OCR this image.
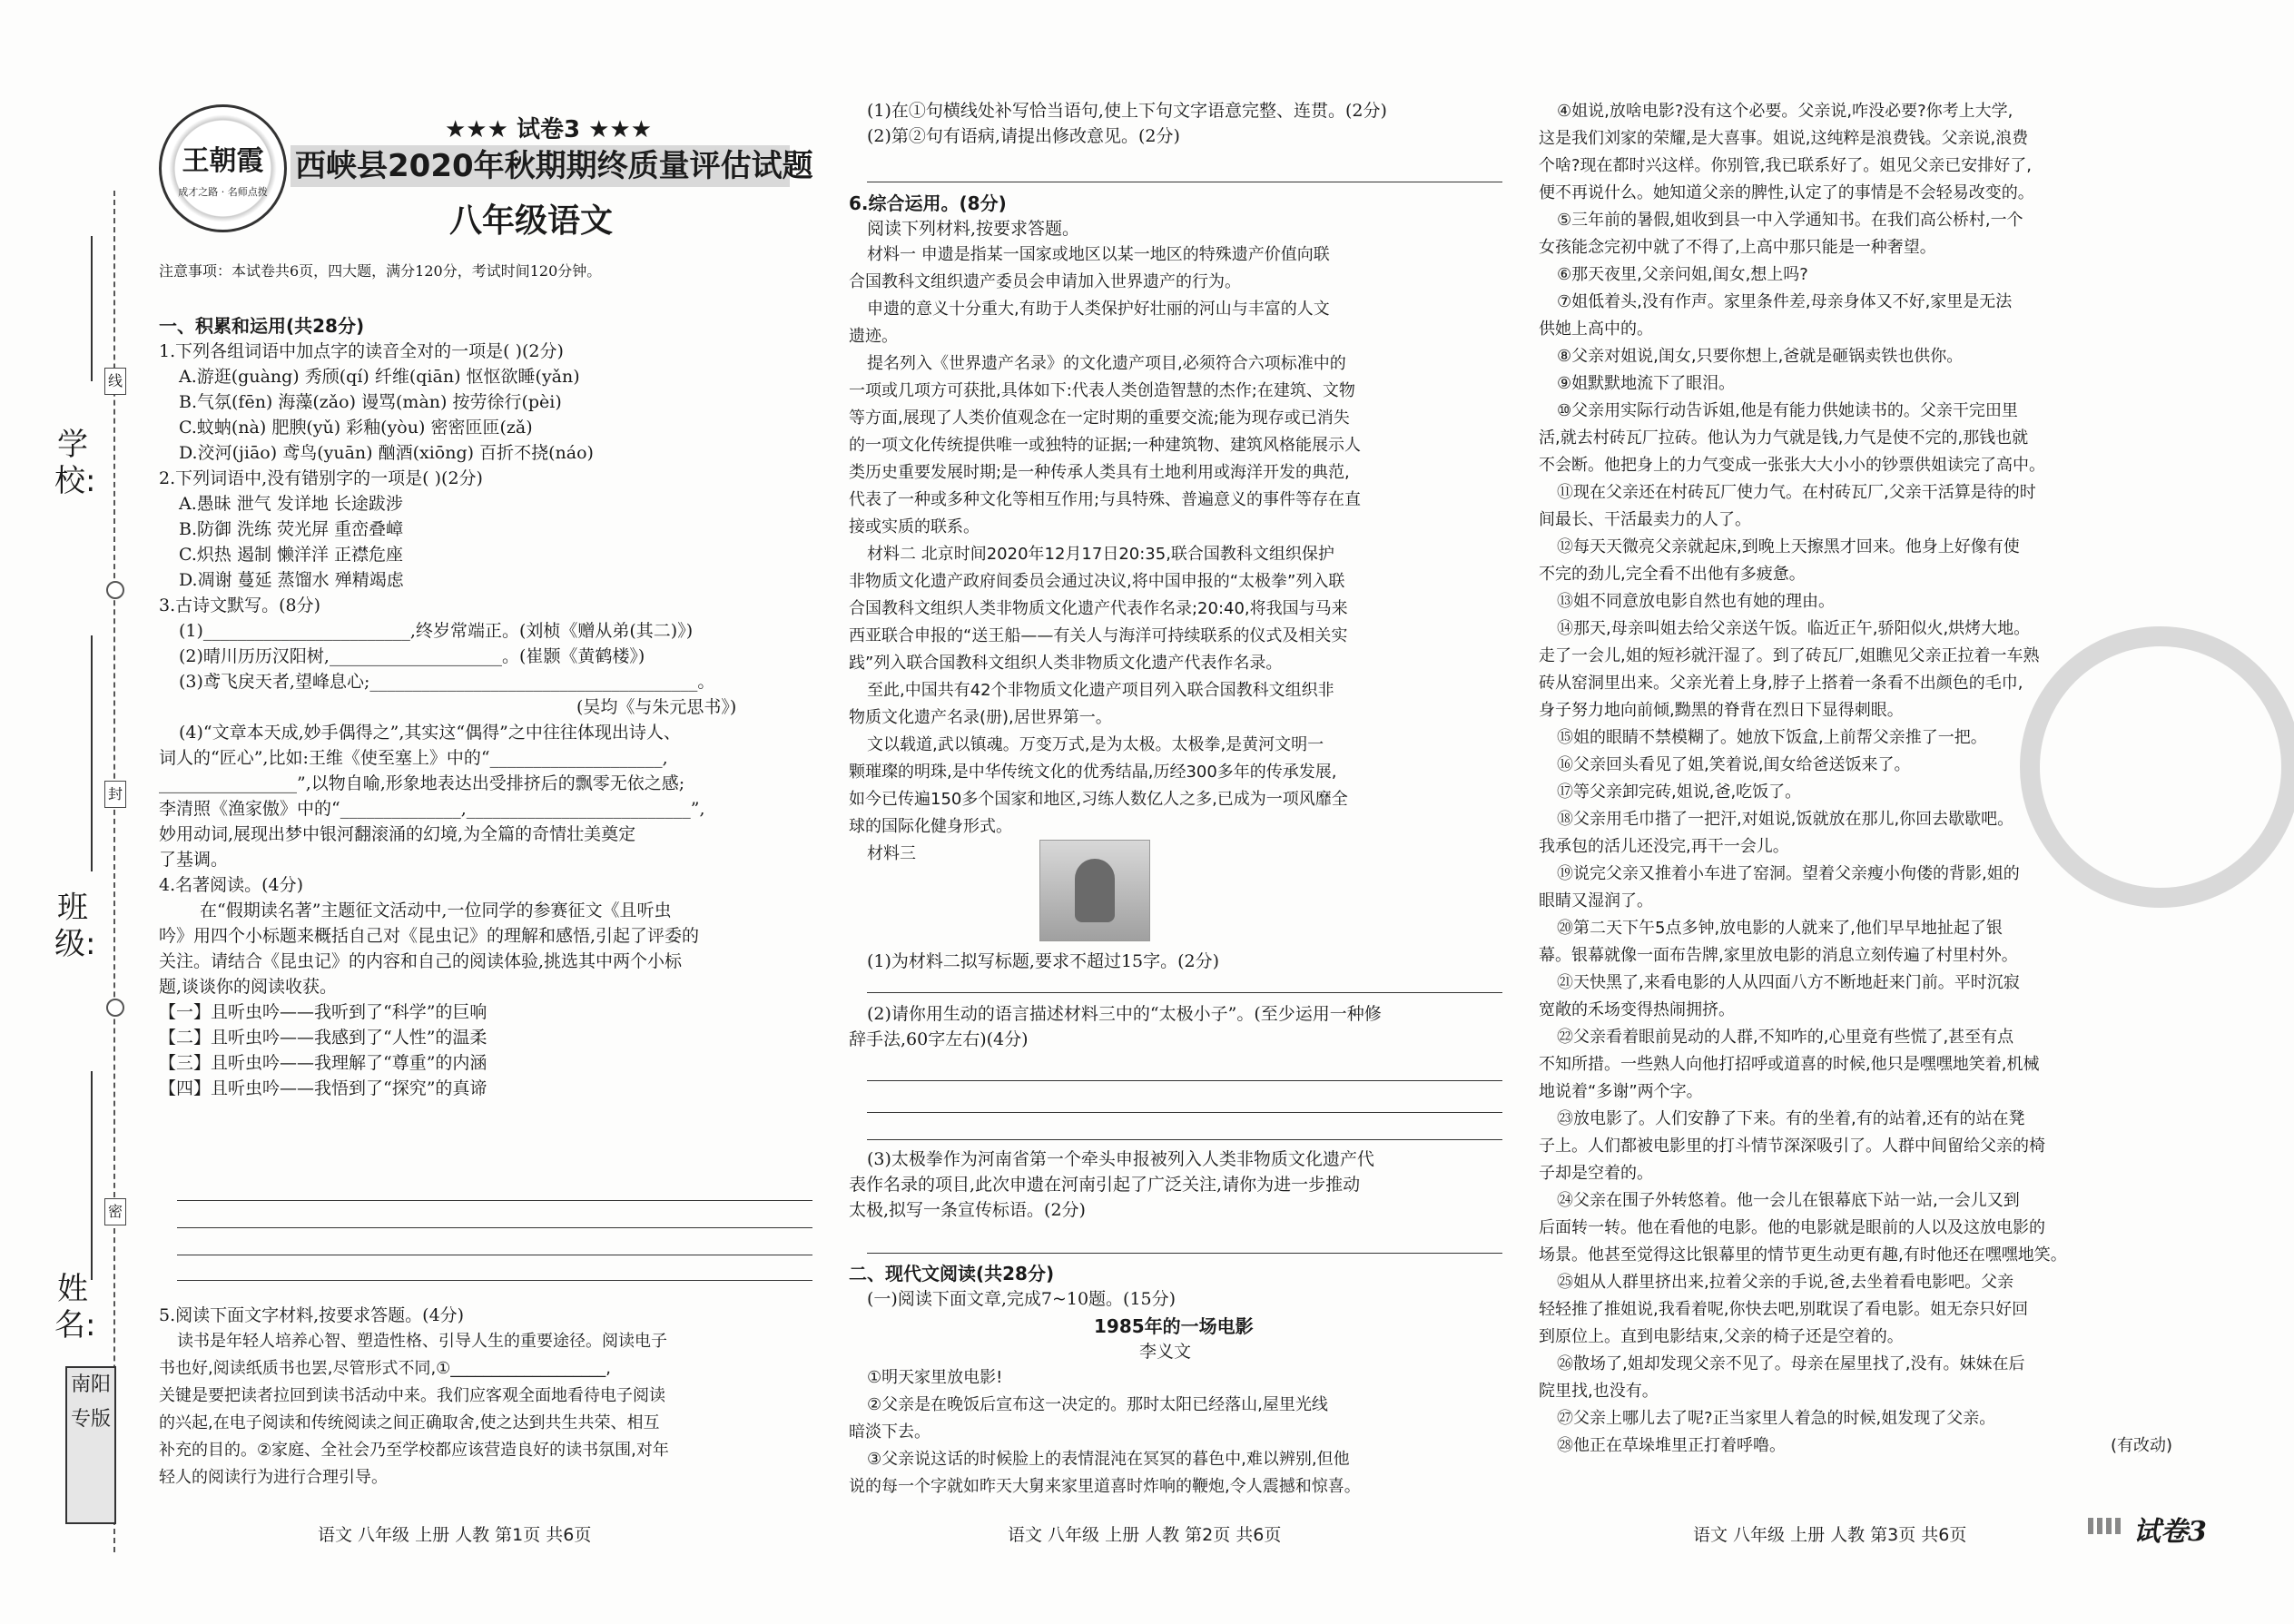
学校:
班级:
姓名:
线
封
密
南阳专版
王朝霞
成才之路 · 名师点拨
★★★ 试卷3 ★★★
西峡县2020年秋期期终质量评估试题
八年级语文
注意事项：本试卷共6页，四大题，满分120分，考试时间120分钟。
一、积累和运用(共28分)
1.下列各组词语中加点字的读音全对的一项是( )(2分)
A.游逛(guàng) 秀颀(qí) 纤维(qiān) 怄怄欲睡(yǎn)
B.气氛(fēn) 海藻(zǎo) 谩骂(màn) 按劳徐行(pèi)
C.蚊蚋(nà) 肥腴(yǔ) 彩釉(yòu) 密密匝匝(zǎ)
D.洨河(jiāo) 鸢鸟(yuān) 酗酒(xiōng) 百折不挠(náo)
2.下列词语中,没有错别字的一项是( )(2分)
A.愚昧 泄气 发详地 长途跋涉
B.防御 洗练 荧光屏 重峦叠嶂
C.炽热 遏制 懒洋洋 正襟危座
D.凋谢 蔓延 蒸馏水 殚精竭虑
3.古诗文默写。(8分)
(1)________________________,终岁常端正。(刘桢《赠从弟(其二)》)
(2)晴川历历汉阳树,____________________。(崔颢《黄鹤楼》)
(3)鸢飞戾天者,望峰息心;______________________________________。
(吴均《与朱元思书》)
(4)“文章本天成,妙手偶得之”,其实这“偶得”之中往往体现出诗人、
词人的“匠心”,比如:王维《使至塞上》中的“____________________,
________________”,以物自喻,形象地表达出受排挤后的飘零无依之感;
李清照《渔家傲》中的“______________,__________________________”,
妙用动词,展现出梦中银河翻滚涌的幻境,为全篇的奇情壮美奠定
了基调。
4.名著阅读。(4分)
在“假期读名著”主题征文活动中,一位同学的参赛征文《且听虫
吟》用四个小标题来概括自己对《昆虫记》的理解和感悟,引起了评委的
关注。请结合《昆虫记》的内容和自己的阅读体验,挑选其中两个小标
题,谈谈你的阅读收获。
【一】且听虫吟——我听到了“科学”的巨响
【二】且听虫吟——我感到了“人性”的温柔
【三】且听虫吟——我理解了“尊重”的内涵
【四】且听虫吟——我悟到了“探究”的真谛
5.阅读下面文字材料,按要求答题。(4分)
读书是年轻人培养心智、塑造性格、引导人生的重要途径。阅读电子
书也好,阅读纸质书也罢,尽管形式不同,①___________________,
关键是要把读者拉回到读书活动中来。我们应客观全面地看待电子阅读
的兴起,在电子阅读和传统阅读之间正确取舍,使之达到共生共荣、相互
补充的目的。②家庭、全社会乃至学校都应该营造良好的读书氛围,对年
轻人的阅读行为进行合理引导。
(1)在①句横线处补写恰当语句,使上下句文字语意完整、连贯。(2分)
(2)第②句有语病,请提出修改意见。(2分)
6.综合运用。(8分)
阅读下列材料,按要求答题。
材料一 申遗是指某一国家或地区以某一地区的特殊遗产价值向联
合国教科文组织遗产委员会申请加入世界遗产的行为。
申遗的意义十分重大,有助于人类保护好壮丽的河山与丰富的人文
遗迹。
提名列入《世界遗产名录》的文化遗产项目,必须符合六项标准中的
一项或几项方可获批,具体如下:代表人类创造智慧的杰作;在建筑、文物
等方面,展现了人类价值观念在一定时期的重要交流;能为现存或已消失
的一项文化传统提供唯一或独特的证据;一种建筑物、建筑风格能展示人
类历史重要发展时期;是一种传承人类具有土地利用或海洋开发的典范,
代表了一种或多种文化等相互作用;与具特殊、普遍意义的事件等存在直
接或实质的联系。
材料二 北京时间2020年12月17日20:35,联合国教科文组织保护
非物质文化遗产政府间委员会通过决议,将中国申报的“太极拳”列入联
合国教科文组织人类非物质文化遗产代表作名录;20:40,将我国与马来
西亚联合申报的“送王船——有关人与海洋可持续联系的仪式及相关实
践”列入联合国教科文组织人类非物质文化遗产代表作名录。
至此,中国共有42个非物质文化遗产项目列入联合国教科文组织非
物质文化遗产名录(册),居世界第一。
文以载道,武以镇魂。万变万式,是为太极。太极拳,是黄河文明一
颗璀璨的明珠,是中华传统文化的优秀结晶,历经300多年的传承发展,
如今已传遍150多个国家和地区,习练人数亿人之多,已成为一项风靡全
球的国际化健身形式。
材料三
(1)为材料二拟写标题,要求不超过15字。(2分)
(2)请你用生动的语言描述材料三中的“太极小子”。(至少运用一种修
辞手法,60字左右)(4分)
(3)太极拳作为河南省第一个牵头申报被列入人类非物质文化遗产代
表作名录的项目,此次申遗在河南引起了广泛关注,请你为进一步推动
太极,拟写一条宣传标语。(2分)
二、现代文阅读(共28分)
(一)阅读下面文章,完成7~10题。(15分)
1985年的一场电影
李义文
①明天家里放电影!
②父亲是在晚饭后宣布这一决定的。那时太阳已经落山,屋里光线
暗淡下去。
③父亲说这话的时候脸上的表情混沌在冥冥的暮色中,难以辨别,但他
说的每一个字就如昨天大舅来家里道喜时炸响的鞭炮,令人震撼和惊喜。
④姐说,放啥电影?没有这个必要。父亲说,咋没必要?你考上大学,
这是我们刘家的荣耀,是大喜事。姐说,这纯粹是浪费钱。父亲说,浪费
个啥?现在都时兴这样。你别管,我已联系好了。姐见父亲已安排好了,
便不再说什么。她知道父亲的脾性,认定了的事情是不会轻易改变的。
⑤三年前的暑假,姐收到县一中入学通知书。在我们高公桥村,一个
女孩能念完初中就了不得了,上高中那只能是一种奢望。
⑥那天夜里,父亲问姐,闺女,想上吗?
⑦姐低着头,没有作声。家里条件差,母亲身体又不好,家里是无法
供她上高中的。
⑧父亲对姐说,闺女,只要你想上,爸就是砸锅卖铁也供你。
⑨姐默默地流下了眼泪。
⑩父亲用实际行动告诉姐,他是有能力供她读书的。父亲干完田里
活,就去村砖瓦厂拉砖。他认为力气就是钱,力气是使不完的,那钱也就
不会断。他把身上的力气变成一张张大大小小的钞票供姐读完了高中。
⑪现在父亲还在村砖瓦厂使力气。在村砖瓦厂,父亲干活算是待的时
间最长、干活最卖力的人了。
⑫每天天微亮父亲就起床,到晚上天擦黑才回来。他身上好像有使
不完的劲儿,完全看不出他有多疲惫。
⑬姐不同意放电影自然也有她的理由。
⑭那天,母亲叫姐去给父亲送午饭。临近正午,骄阳似火,烘烤大地。
走了一会儿,姐的短衫就汗湿了。到了砖瓦厂,姐瞧见父亲正拉着一车熟
砖从窑洞里出来。父亲光着上身,脖子上搭着一条看不出颜色的毛巾,
身子努力地向前倾,黝黑的脊背在烈日下显得刺眼。
⑮姐的眼睛不禁模糊了。她放下饭盒,上前帮父亲推了一把。
⑯父亲回头看见了姐,笑着说,闺女给爸送饭来了。
⑰等父亲卸完砖,姐说,爸,吃饭了。
⑱父亲用毛巾揩了一把汗,对姐说,饭就放在那儿,你回去歇歇吧。
我承包的活儿还没完,再干一会儿。
⑲说完父亲又推着小车进了窑洞。望着父亲瘦小佝偻的背影,姐的
眼睛又湿润了。
⑳第二天下午5点多钟,放电影的人就来了,他们早早地扯起了银
幕。银幕就像一面布告牌,家里放电影的消息立刻传遍了村里村外。
㉑天快黑了,来看电影的人从四面八方不断地赶来门前。平时沉寂
宽敞的禾场变得热闹拥挤。
㉒父亲看着眼前晃动的人群,不知咋的,心里竟有些慌了,甚至有点
不知所措。一些熟人向他打招呼或道喜的时候,他只是嘿嘿地笑着,机械
地说着“多谢”两个字。
㉓放电影了。人们安静了下来。有的坐着,有的站着,还有的站在凳
子上。人们都被电影里的打斗情节深深吸引了。人群中间留给父亲的椅
子却是空着的。
㉔父亲在围子外转悠着。他一会儿在银幕底下站一站,一会儿又到
后面转一转。他在看他的电影。他的电影就是眼前的人以及这放电影的
场景。他甚至觉得这比银幕里的情节更生动更有趣,有时他还在嘿嘿地笑。
㉕姐从人群里挤出来,拉着父亲的手说,爸,去坐着看电影吧。父亲
轻轻推了推姐说,我看着呢,你快去吧,别耽误了看电影。姐无奈只好回
到原位上。直到电影结束,父亲的椅子还是空着的。
㉖散场了,姐却发现父亲不见了。母亲在屋里找了,没有。妹妹在后
院里找,也没有。
㉗父亲上哪儿去了呢?正当家里人着急的时候,姐发现了父亲。
㉘他正在草垛堆里正打着呼噜。	(有改动)
语文 八年级 上册 人教 第1页 共6页	语文 八年级 上册 人教 第2页 共6页	语文 八年级 上册 人教 第3页 共6页	试卷3
